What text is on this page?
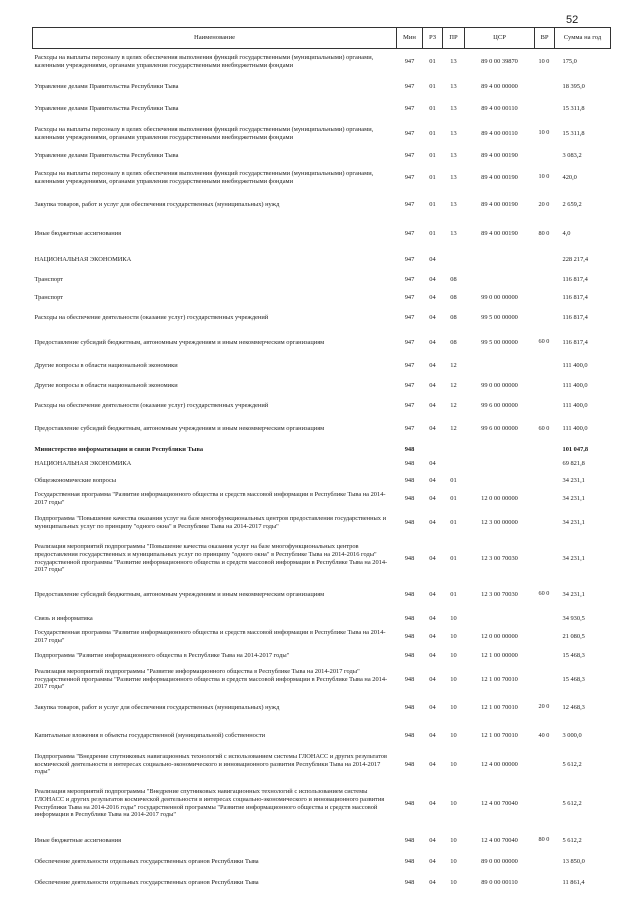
52
Наименование	Мин	РЗ	ПР	ЦСР	ВР	Сумма на год
Расходы на выплаты персоналу в целях обеспечения выполнения функций государственными (муниципальными) органами, казенными учреждениями, органами управления государственными внебюджетными фондами	947	01	13	89 0 00 39870	10 0	175,0
Управление делами Правительства Республики Тыва	947	01	13	89 4 00 00000		18 395,0
Управление делами Правительства Республики Тыва	947	01	13	89 4 00 00110		15 311,8
Расходы на выплаты персоналу в целях обеспечения выполнения функций государственными (муниципальными) органами, казенными учреждениями, органами управления государственными внебюджетными фондами	947	01	13	89 4 00 00110	10 0	15 311,8
Управление делами Правительства Республики Тыва	947	01	13	89 4 00 00190		3 083,2
Расходы на выплаты персоналу в целях обеспечения выполнения функций государственными (муниципальными) органами, казенными учреждениями, органами управления государственными внебюджетными фондами	947	01	13	89 4 00 00190	10 0	420,0
Закупка товаров, работ и услуг для обеспечения государственных (муниципальных) нужд	947	01	13	89 4 00 00190	20 0	2 659,2
Иные бюджетные ассигнования	947	01	13	89 4 00 00190	80 0	4,0
НАЦИОНАЛЬНАЯ ЭКОНОМИКА	947	04				228 217,4
Транспорт	947	04	08			116 817,4
Транспорт	947	04	08	99 0 00 00000		116 817,4
Расходы на обеспечение деятельности (оказание услуг) государственных учреждений	947	04	08	99 5 00 00000		116 817,4
Предоставление субсидий бюджетным, автономным учреждениям и иным некоммерческим организациям	947	04	08	99 5 00 00000	60 0	116 817,4
Другие вопросы в области национальной экономики	947	04	12			111 400,0
Другие вопросы в области национальной экономики	947	04	12	99 0 00 00000		111 400,0
Расходы на обеспечение деятельности (оказание услуг) государственных учреждений	947	04	12	99 6 00 00000		111 400,0
Предоставление субсидий бюджетным, автономным учреждениям и иным некоммерческим организациям	947	04	12	99 6 00 00000	60 0	111 400,0
Министерство информатизации и связи Республики Тыва	948					101 047,8
НАЦИОНАЛЬНАЯ ЭКОНОМИКА	948	04				69 821,8
Общеэкономические вопросы	948	04	01			34 231,1
Государственная программа "Развитие информационного общества и средств массовой информации в Республике Тыва на 2014-2017 годы"	948	04	01	12 0 00 00000		34 231,1
Подпрограмма "Повышение качества оказания услуг на базе многофункциональных центров предоставления государственных и муниципальных услуг по принципу "одного окна" в Республике Тыва на 2014-2017 годы"	948	04	01	12 3 00 00000		34 231,1
Реализация мероприятий подпрограммы "Повышение качества оказания услуг на базе многофункциональных центров предоставления государственных и муниципальных услуг по принципу "одного окна" в Республике Тыва на 2014-2016 годы" государственной программы "Развитие информационного общества и средств массовой информации в Республике Тыва на 2014-2017 годы"	948	04	01	12 3 00 70030		34 231,1
Предоставление субсидий бюджетным, автономным учреждениям и иным некоммерческим организациям	948	04	01	12 3 00 70030	60 0	34 231,1
Связь и информатика	948	04	10			34 930,5
Государственная программа "Развитие информационного общества и средств массовой информации в Республике Тыва на 2014-2017 годы"	948	04	10	12 0 00 00000		21 080,5
Подпрограмма "Развитие информационного общества в Республике Тыва на 2014-2017 годы"	948	04	10	12 1 00 00000		15 468,3
Реализация мероприятий подпрограммы "Развитие информационного общества в Республике Тыва на 2014-2017 годы" государственной программы "Развитие информационного общества и средств массовой информации в Республике Тыва на 2014-2017 годы"	948	04	10	12 1 00 70010		15 468,3
Закупка товаров, работ и услуг для обеспечения государственных (муниципальных) нужд	948	04	10	12 1 00 70010	20 0	12 468,3
Капитальные вложения в объекты государственной (муниципальной) собственности	948	04	10	12 1 00 70010	40 0	3 000,0
Подпрограмма "Внедрение спутниковых навигационных технологий с использованием системы ГЛОНАСС и других результатов космической деятельности в интересах социально-экономического и инновационного развития Республики Тыва на 2014-2017 годы"	948	04	10	12 4 00 00000		5 612,2
Реализация мероприятий подпрограммы "Внедрение спутниковых навигационных технологий с использованием системы ГЛОНАСС и других результатов космической деятельности в интересах социально-экономического и инновационного развития Республики Тыва на 2014-2016 годы" государственной программы "Развитие информационного общества и средств массовой информации в Республике Тыва на 2014-2017 годы"	948	04	10	12 4 00 70040		5 612,2
Иные бюджетные ассигнования	948	04	10	12 4 00 70040	80 0	5 612,2
Обеспечение деятельности отдельных государственных органов Республики Тыва	948	04	10	89 0 00 00000		13 850,0
Обеспечение деятельности отдельных государственных органов Республики Тыва	948	04	10	89 0 00 00110		11 861,4
